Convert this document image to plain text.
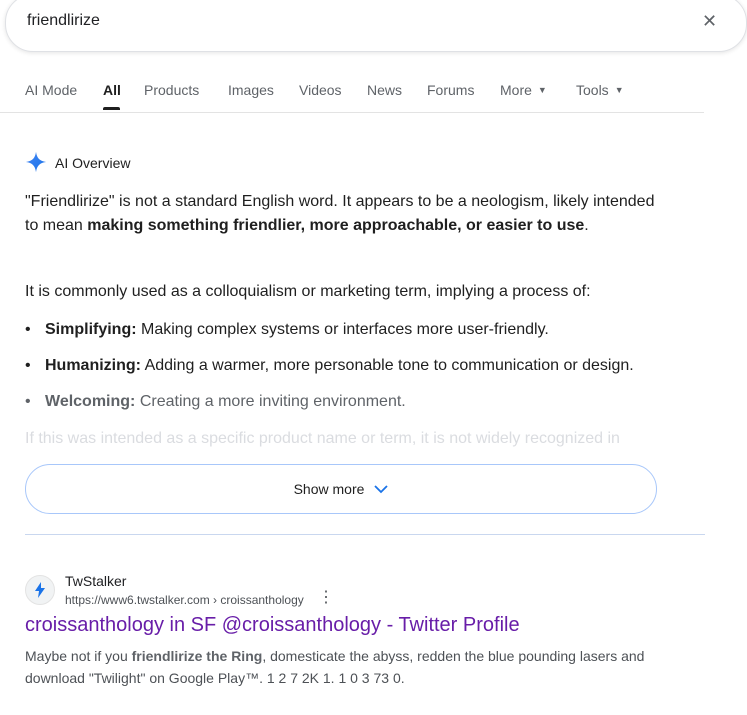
friendlirize	✕
AI Mode All Products Images Videos News Forums More ▼ Tools ▼
AI Overview

"Friendlirize" is not a standard English word. It appears to be a neologism, likely intended to mean making something friendlier, more approachable, or easier to use.

It is commonly used as a colloquialism or marketing term, implying a process of:
• Simplifying: Making complex systems or interfaces more user-friendly.
• Humanizing: Adding a warmer, more personable tone to communication or design.
• Welcoming: Creating a more inviting environment.
If this was intended as a specific product name or term, it is not widely recognized in
Show more
TwStalker
https://www6.twstalker.com › croissanthology ⋮
croissanthology in SF @croissanthology - Twitter Profile
Maybe not if you friendlirize the Ring, domesticate the abyss, redden the blue pounding lasers and download "Twilight" on Google Play™. 1 2 7 2K 1. 1 0 3 73 0.
